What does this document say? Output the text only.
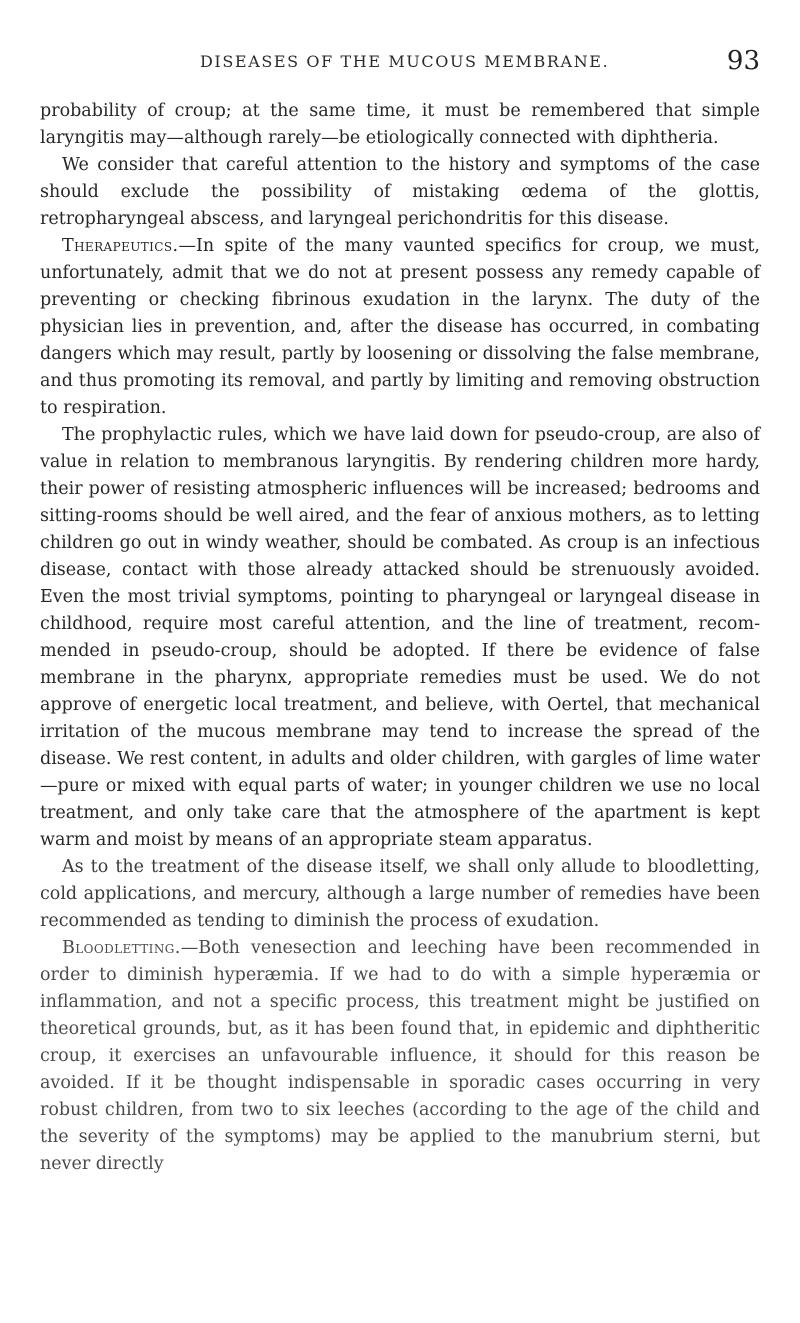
DISEASES OF THE MUCOUS MEMBRANE.	93

probability of croup; at the same time, it must be remembered that simple laryngitis may—although rarely—be etiologically connected with diphtheria.

We consider that careful attention to the history and symptoms of the case should exclude the possibility of mistaking œdema of the glottis, retropharyngeal abscess, and laryngeal perichondritis for this disease.

Therapeutics.—In spite of the many vaunted specifics for croup, we must, unfortunately, admit that we do not at present possess any remedy capable of preventing or checking fibrinous exudation in the larynx. The duty of the physician lies in prevention, and, after the disease has occurred, in combating dangers which may result, partly by loosening or dissolving the false membrane, and thus promoting its removal, and partly by limiting and removing obstruction to respiration.

The prophylactic rules, which we have laid down for pseudo-croup, are also of value in relation to membranous laryngitis. By rendering children more hardy, their power of resisting atmospheric influences will be increased; bedrooms and sitting-rooms should be well aired, and the fear of anxious mothers, as to letting children go out in windy weather, should be combated. As croup is an infectious disease, contact with those already attacked should be strenuously avoided. Even the most trivial symptoms, pointing to pharyngeal or laryngeal disease in childhood, require most careful attention, and the line of treatment, recommended in pseudo-croup, should be adopted. If there be evidence of false membrane in the pharynx, appropriate remedies must be used. We do not approve of energetic local treatment, and believe, with Oertel, that mechanical irritation of the mucous membrane may tend to increase the spread of the disease. We rest content, in adults and older children, with gargles of lime water—pure or mixed with equal parts of water; in younger children we use no local treatment, and only take care that the atmosphere of the apartment is kept warm and moist by means of an appropriate steam apparatus.

As to the treatment of the disease itself, we shall only allude to bloodletting, cold applications, and mercury, although a large number of remedies have been recommended as tending to diminish the process of exudation.

Bloodletting.—Both venesection and leeching have been recommended in order to diminish hyperæmia. If we had to do with a simple hyperæmia or inflammation, and not a specific process, this treatment might be justified on theoretical grounds, but, as it has been found that, in epidemic and diphtheritic croup, it exercises an unfavourable influence, it should for this reason be avoided. If it be thought indispensable in sporadic cases occurring in very robust children, from two to six leeches (according to the age of the child and the severity of the symptoms) may be applied to the manubrium sterni, but never directly
